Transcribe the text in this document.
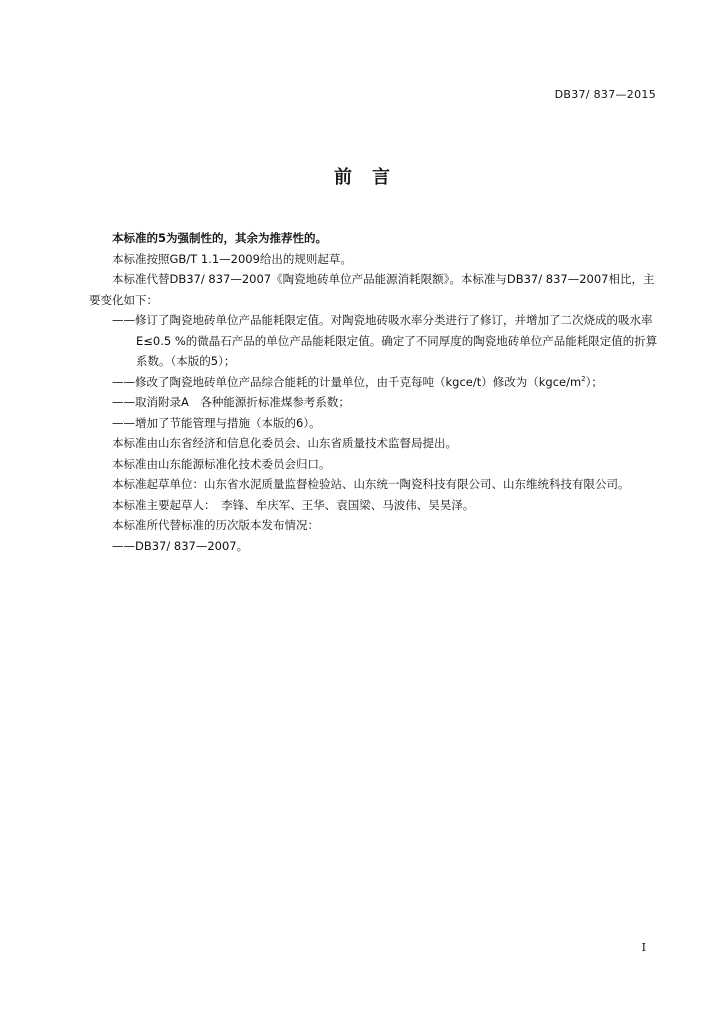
DB37/ 837—2015
前言

本标准的5为强制性的，其余为推荐性的。

本标准按照GB/T 1.1—2009给出的规则起草。

本标准代替DB37/ 837—2007《陶瓷地砖单位产品能源消耗限额》。本标准与DB37/ 837—2007相比，主要变化如下：

——修订了陶瓷地砖单位产品能耗限定值。对陶瓷地砖吸水率分类进行了修订，并增加了二次烧成的吸水率 E≤0.5 %的微晶石产品的单位产品能耗限定值。确定了不同厚度的陶瓷地砖单位产品能耗限定值的折算系数。（本版的5）；

——修改了陶瓷地砖单位产品综合能耗的计量单位，由千克每吨（kgce/t）修改为$(kgce/m^2)$；

——取消附录A　各种能源折标准煤参考系数；

——增加了节能管理与措施（本版的6）。

本标准由山东省经济和信息化委员会、山东省质量技术监督局提出。

本标准由山东能源标准化技术委员会归口。

本标准起草单位：山东省水泥质量监督检验站、山东统一陶瓷科技有限公司、山东维统科技有限公司。

本标准主要起草人：　李锋、牟庆军、王华、袁国梁、马波伟、吴昊泽。

本标准所代替标准的历次版本发布情况：

——DB37/ 837—2007。

I
